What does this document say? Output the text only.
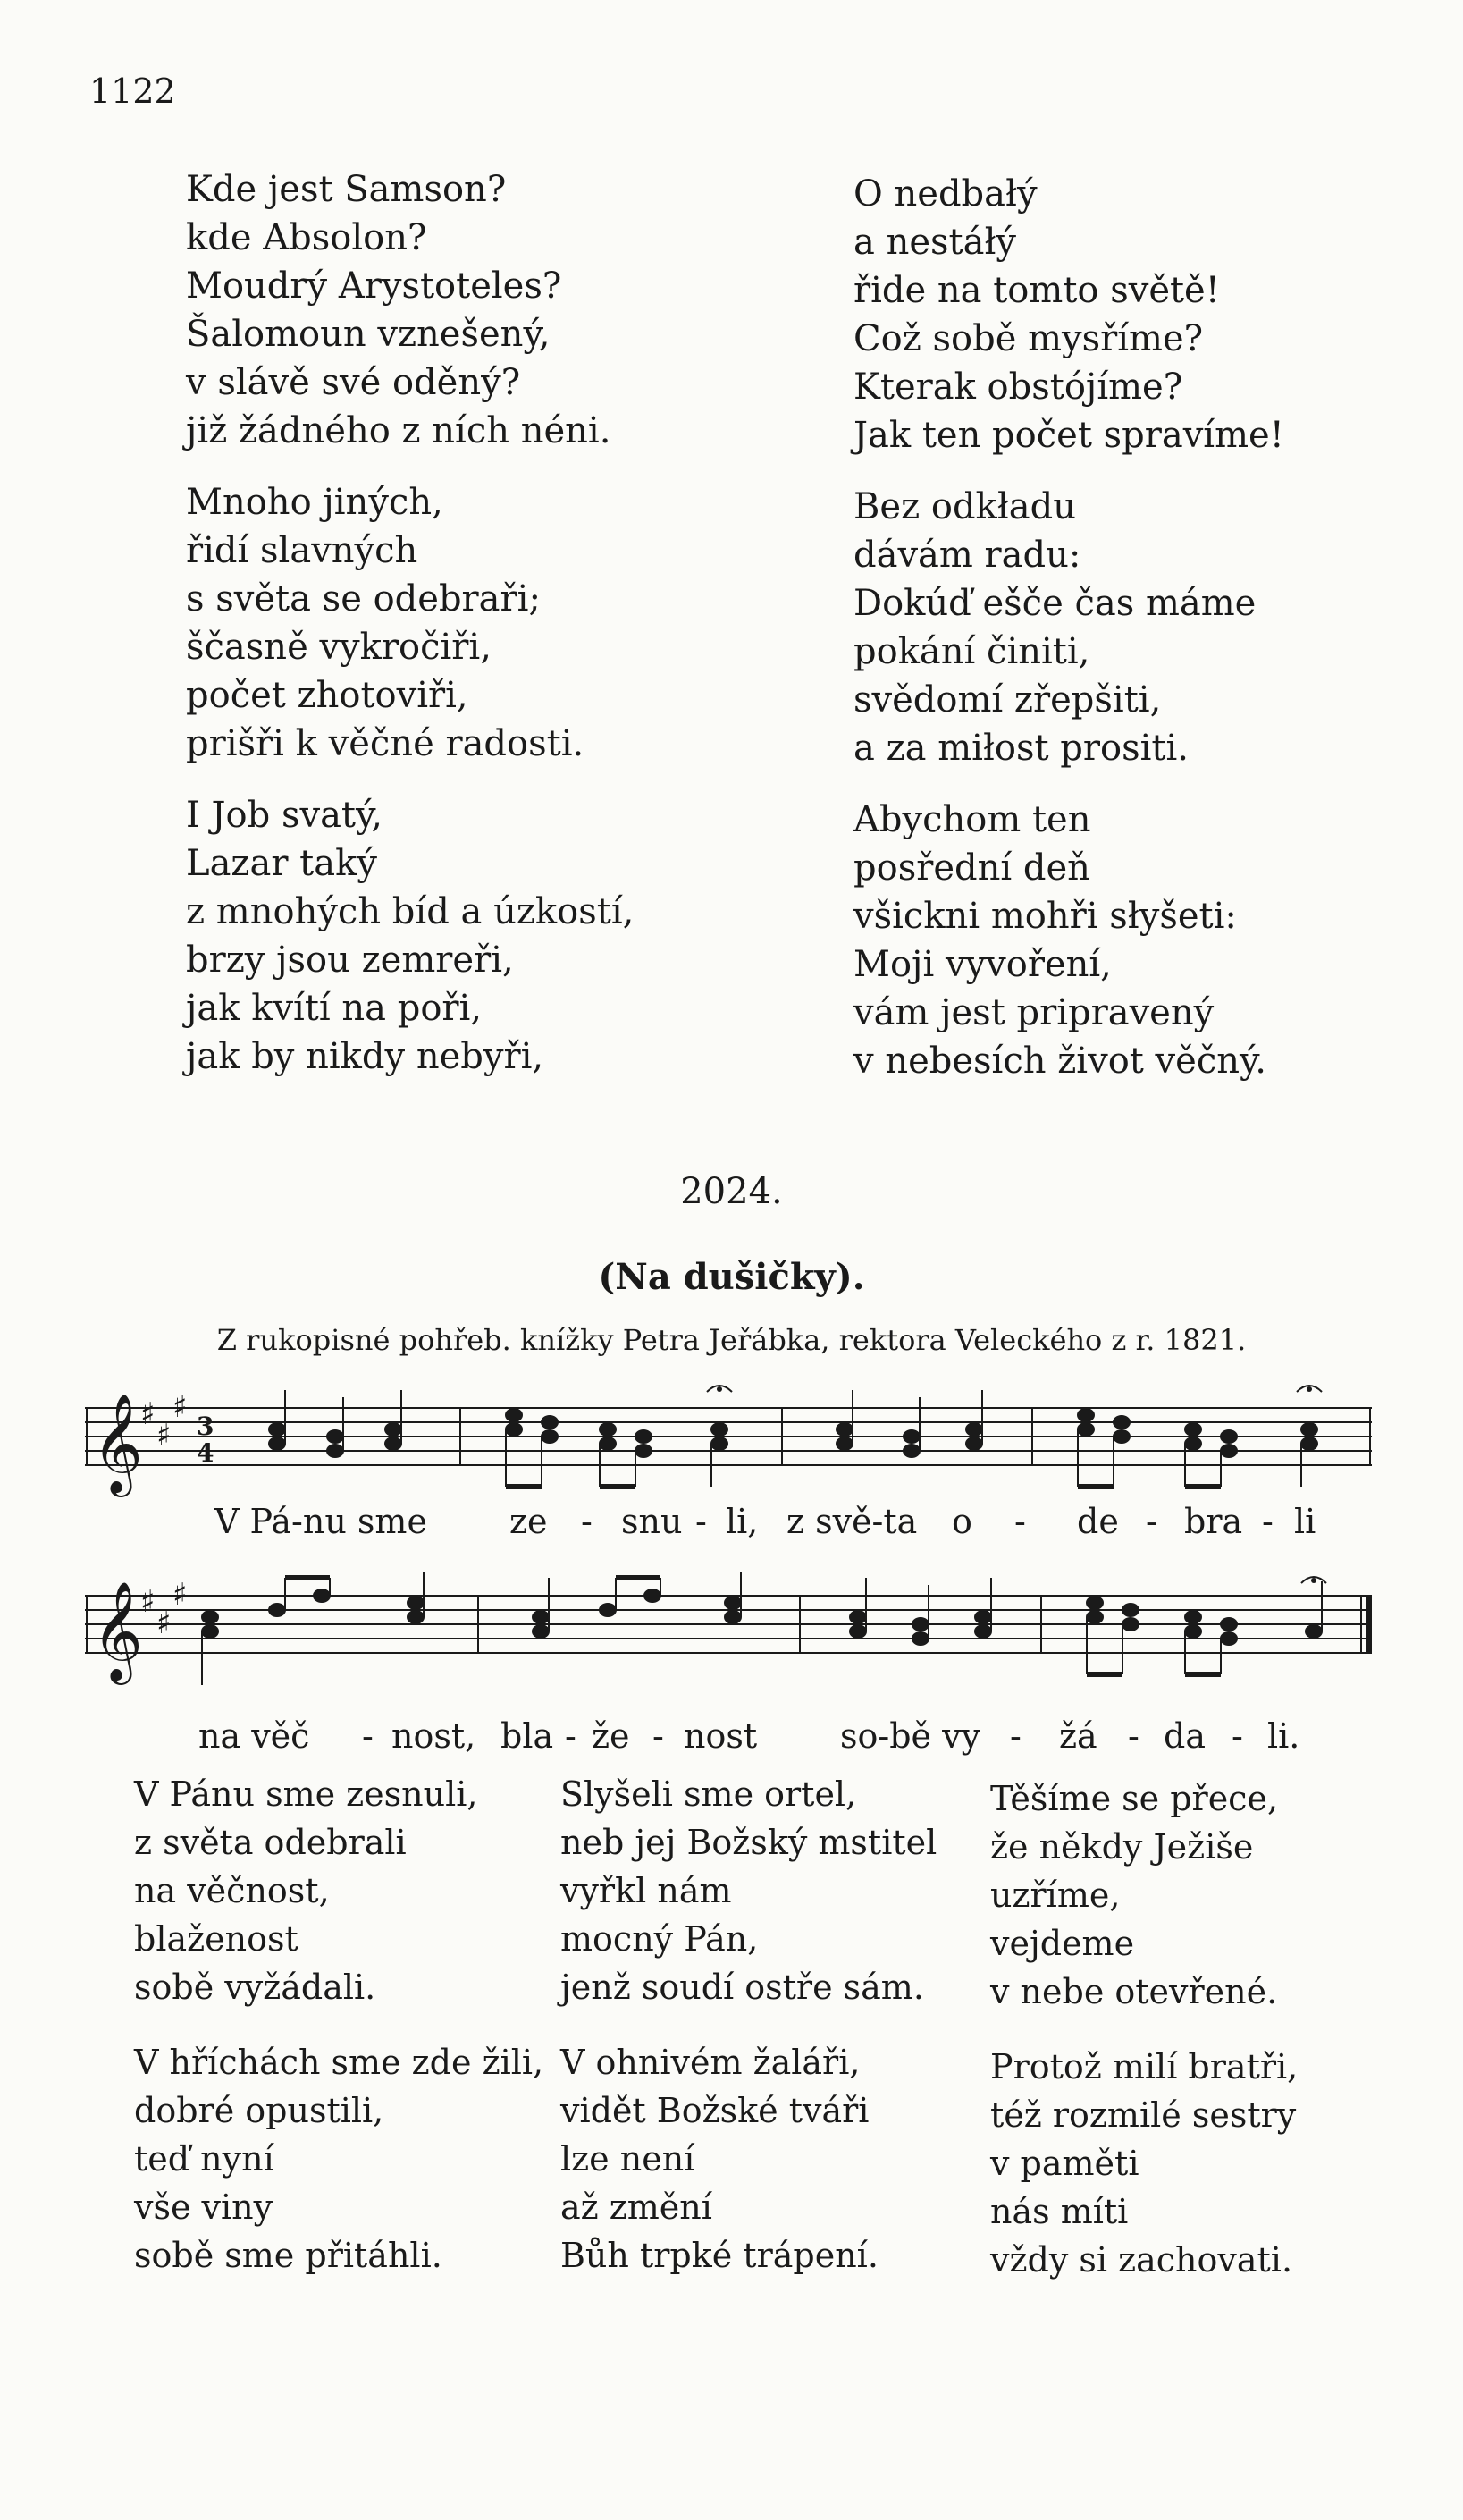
1122
Kde jest Samson?
kde Absolon?
Moudrý Arystoteles?
Šalomoun vznešený,
v slávě své oděný?
již žádného z ních néni.
Mnoho jiných,
řidí slavných
s světa se odebraři;
ščasně vykročiři,
počet zhotoviři,
prišři k věčné radosti.
I Job svatý,
Lazar taký
z mnohých bíd a úzkostí,
brzy jsou zemreři,
jak kvítí na poři,
jak by nikdy nebyři,
O nedbałý
a nestáłý
řide na tomto světě!
Což sobě mysříme?
Kterak obstójíme?
Jak ten počet spravíme!
Bez odkładu
dávám radu:
Dokúď ešče čas máme
pokání činiti,
svědomí zřepšiti,
a za miłost prositi.
Abychom ten
posřední deň
všickni mohři słyšeti:
Moji vyvoření,
vám jest pripravený
v nebesích život věčný.
2024.
(Na dušičky).
Z rukopisné pohřeb. knížky Petra Jeřábka, rektora Veleckého z r. 1821.
𝄞
♯
♯
♯
3
4
V Pá-nu sme ze - snu - li, z svě-ta o - de - bra - li
𝄞
♯
♯
♯
na věč - nost, bla - že - nost so-bě vy - žá - da - li.
V Pánu sme zesnuli,
z světa odebrali
na věčnost,
blaženost
sobě vyžádali.
V hříchách sme zde žili,
dobré opustili,
teď nyní
vše viny
sobě sme přitáhli.
Slyšeli sme ortel,
neb jej Božský mstitel
vyřkl nám
mocný Pán,
jenž soudí ostře sám.
V ohnivém žaláři,
vidět Božské tváři
lze není
až změní
Bůh trpké trápení.
Těšíme se přece,
že někdy Ježiše
uzříme,
vejdeme
v nebe otevřené.
Protož milí bratři,
též rozmilé sestry
v paměti
nás míti
vždy si zachovati.
